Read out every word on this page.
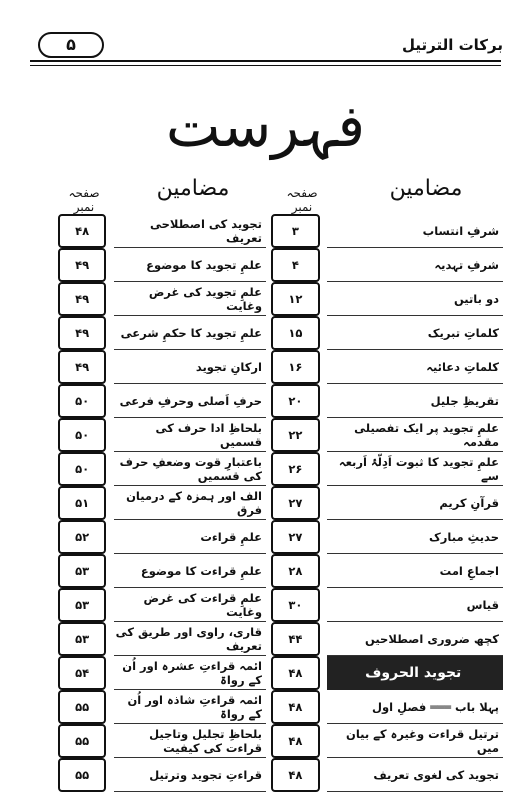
۵	برکات الترتیل
فہرست
مضامین
صفحہ نمبر
مضامین
صفحہ نمبر
شرفِ انتساب		۳
شرفِ تہدیہ		۴
دو باتیں		۱۲
کلماتِ تبریک		۱۵
کلماتِ دعائیہ		۱۶
تقریظِ جلیل		۲۰
علمِ تجوید پر ایک تفصیلی مقدمہ		۲۲
علمِ تجوید کا ثبوت اَدِلّۂ اَربعہ سے		۲۶
قرآنِ کریم		۲۷
حدیثِ مبارک		۲۷
اجماعِ امت		۲۸
قیاس		۳۰
کچھ ضروری اصطلاحیں		۴۴
تجوید الحروف		۴۸
پہلا باب ═══ فصلِ اول		۴۸
ترتیل قراءت وغیرہ کے بیان میں		۴۸
تجوید کی لغوی تعریف		۴۸
تجوید کی اصطلاحی تعریف		۴۸
علمِ تجوید کا موضوع		۴۹
علمِ تجوید کی غرض وغایت		۴۹
علمِ تجوید کا حکمِ شرعی		۴۹
ارکانِ تجوید		۴۹
حرفِ اَصلی وحرفِ فرعی		۵۰
بلحاظِ ادا حرف کی قسمیں		۵۰
باعتبارِ قوت وضعفِ حرف کی قسمیں		۵۰
الف اور ہمزہ کے درمیان فرق		۵۱
علمِ قراءت		۵۲
علمِ قراءت کا موضوع		۵۳
علمِ قراءت کی غرض وغایت		۵۳
قاری، راوی اور طریق کی تعریف		۵۳
ائمہ قراءتِ عشرہ اور اُن کے رواۃ		۵۴
ائمہ قراءتِ شاذہ اور اُن کے رواۃ		۵۵
بلحاظِ تجلیل وتاجیل قراءت کی کیفیت		۵۵
قراءتِ تجوید وترتیل		۵۵
